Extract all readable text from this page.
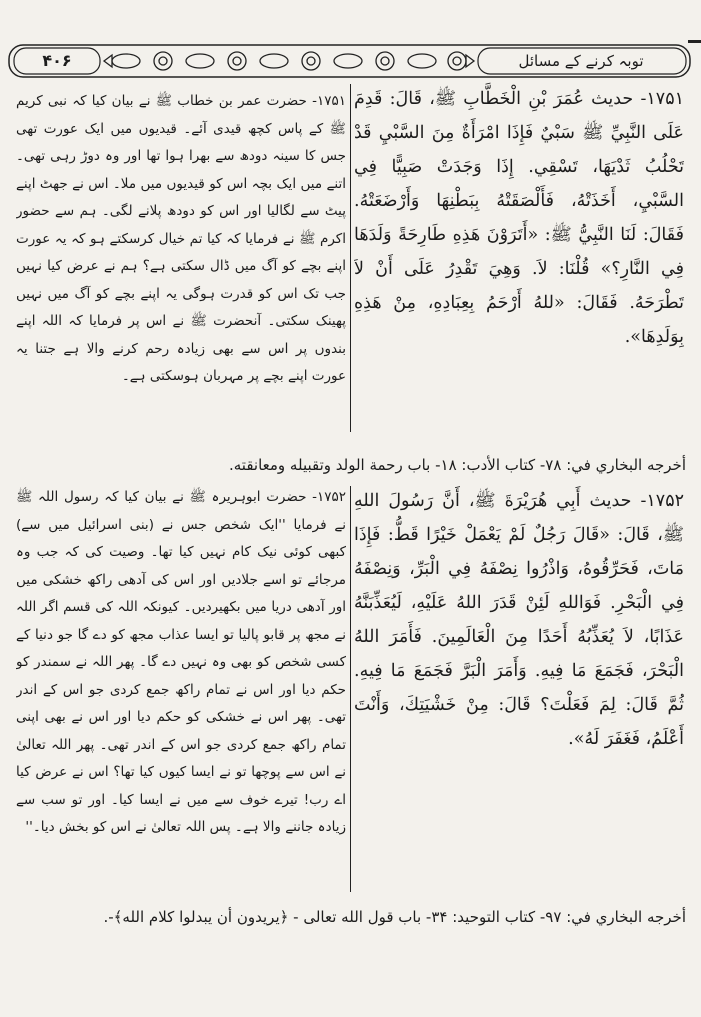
توبہ کرنے کے مسائل
۴۰۶
۱۷۵۱- حديث عُمَرَ بْنِ الْخَطَّابِ ﷺ، قَالَ: قَدِمَ عَلَى النَّبِيِّ ﷺ سَبْيٌ فَإِذَا امْرَأَةٌ مِنَ السَّبْيِ قَدْ تَحْلُبُ ثَدْيَهَا، تَسْقِي. إِذَا وَجَدَتْ صَبِيًّا فِي السَّبْيِ، أَخَذَتْهُ، فَأَلْصَقَتْهُ بِبَطْنِهَا وَأَرْضَعَتْهُ. فَقَالَ: لَنَا النَّبِيُّ ﷺ: «أَتَرَوْنَ هَذِهِ طَارِحَةً وَلَدَهَا فِي النَّارِ؟» قُلْنَا: لاَ. وَهِيَ تَقْدِرُ عَلَى أَنْ لاَ تَطْرَحَهُ. فَقَالَ: «للهُ أَرْحَمُ بِعِبَادِهِ، مِنْ هَذِهِ بِوَلَدِهَا».
۱۷۵۱- حضرت عمر بن خطاب ﷺ نے بیان کیا کہ نبی کریم ﷺ کے پاس کچھ قیدی آئے۔ قیدیوں میں ایک عورت تھی جس کا سینہ دودھ سے بھرا ہوا تھا اور وہ دوڑ رہی تھی۔ اتنے میں ایک بچہ اس کو قیدیوں میں ملا۔ اس نے جھٹ اپنے پیٹ سے لگالیا اور اس کو دودھ پلانے لگی۔ ہم سے حضور اکرم ﷺ نے فرمایا کہ کیا تم خیال کرسکتے ہو کہ یہ عورت اپنے بچے کو آگ میں ڈال سکتی ہے؟ ہم نے عرض کیا نہیں جب تک اس کو قدرت ہوگی یہ اپنے بچے کو آگ میں نہیں پھینک سکتی۔ آنحضرت ﷺ نے اس پر فرمایا کہ اللہ اپنے بندوں پر اس سے بھی زیادہ رحم کرنے والا ہے جتنا یہ عورت اپنے بچے پر مہربان ہوسکتی ہے۔
أخرجه البخاري في: ۷۸- كتاب الأدب: ۱۸- باب رحمة الولد وتقبيله ومعانقته.
۱۷۵۲- حديث أَبِي هُرَيْرَةَ ﷺ، أَنَّ رَسُولَ اللهِ ﷺ، قَالَ: «قَالَ رَجُلٌ لَمْ يَعْمَلْ خَيْرًا قَطُّ: فَإِذَا مَاتَ، فَحَرِّقُوهُ، وَاذْرُوا نِصْفَهُ فِي الْبَرِّ، وَنِصْفَهُ فِي الْبَحْرِ. فَوَاللهِ لَئِنْ قَدَرَ اللهُ عَلَيْهِ، لَيُعَذِّبَنَّهُ عَذَابًا، لاَ يُعَذِّبُهُ أَحَدًا مِنَ الْعَالَمِينَ. فَأَمَرَ اللهُ الْبَحْرَ، فَجَمَعَ مَا فِيهِ. وَأَمَرَ الْبَرَّ فَجَمَعَ مَا فِيهِ. ثُمَّ قَالَ: لِمَ فَعَلْتَ؟ قَالَ: مِنْ خَشْيَتِكَ، وَأَنْتَ أَعْلَمُ، فَغَفَرَ لَهُ».
۱۷۵۲- حضرت ابوہریرہ ﷺ نے بیان کیا کہ رسول اللہ ﷺ نے فرمایا ''ایک شخص جس نے (بنی اسرائیل میں سے) کبھی کوئی نیک کام نہیں کیا تھا۔ وصیت کی کہ جب وہ مرجائے تو اسے جلادیں اور اس کی آدھی راکھ خشکی میں اور آدھی دریا میں بکھیردیں۔ کیونکہ اللہ کی قسم اگر اللہ نے مجھ پر قابو پالیا تو ایسا عذاب مجھ کو دے گا جو دنیا کے کسی شخص کو بھی وہ نہیں دے گا۔ پھر اللہ نے سمندر کو حکم دیا اور اس نے تمام راکھ جمع کردی جو اس کے اندر تھی۔ پھر اس نے خشکی کو حکم دیا اور اس نے بھی اپنی تمام راکھ جمع کردی جو اس کے اندر تھی۔ پھر اللہ تعالیٰ نے اس سے پوچھا تو نے ایسا کیوں کیا تھا؟ اس نے عرض کیا اے رب! تیرے خوف سے میں نے ایسا کیا۔ اور تو سب سے زیادہ جاننے والا ہے۔ پس اللہ تعالیٰ نے اس کو بخش دیا۔''
أخرجه البخاري في: ۹۷- كتاب التوحيد: ۳۴- باب قول الله تعالى - ﴿يريدون أن يبدلوا كلام الله﴾-.
